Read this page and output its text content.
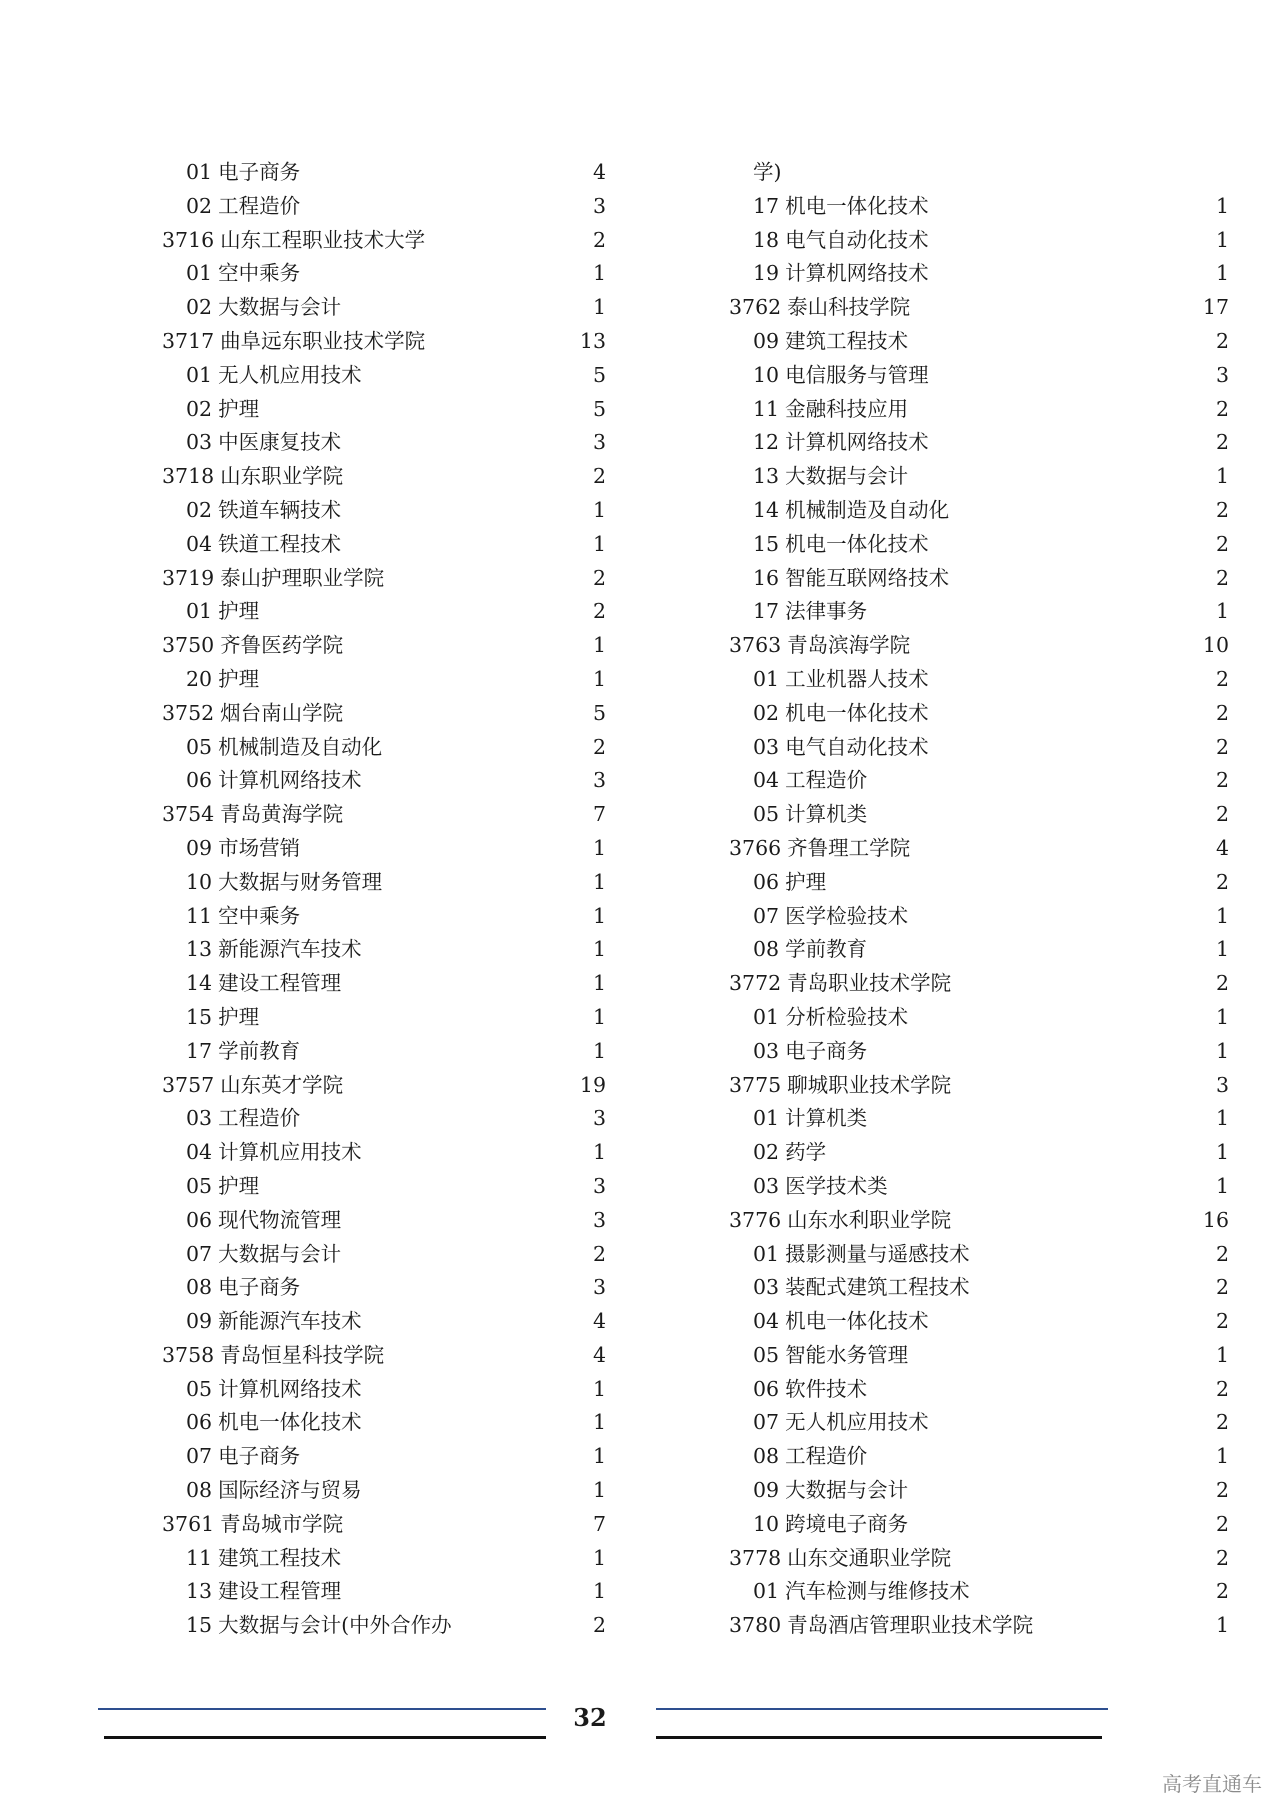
01 电子商务	4
02 工程造价	3
3716 山东工程职业技术大学	2
01 空中乘务	1
02 大数据与会计	1
3717 曲阜远东职业技术学院	13
01 无人机应用技术	5
02 护理	5
03 中医康复技术	3
3718 山东职业学院	2
02 铁道车辆技术	1
04 铁道工程技术	1
3719 泰山护理职业学院	2
01 护理	2
3750 齐鲁医药学院	1
20 护理	1
3752 烟台南山学院	5
05 机械制造及自动化	2
06 计算机网络技术	3
3754 青岛黄海学院	7
09 市场营销	1
10 大数据与财务管理	1
11 空中乘务	1
13 新能源汽车技术	1
14 建设工程管理	1
15 护理	1
17 学前教育	1
3757 山东英才学院	19
03 工程造价	3
04 计算机应用技术	1
05 护理	3
06 现代物流管理	3
07 大数据与会计	2
08 电子商务	3
09 新能源汽车技术	4
3758 青岛恒星科技学院	4
05 计算机网络技术	1
06 机电一体化技术	1
07 电子商务	1
08 国际经济与贸易	1
3761 青岛城市学院	7
11 建筑工程技术	1
13 建设工程管理	1
15 大数据与会计(中外合作办	2
学)
17 机电一体化技术	1
18 电气自动化技术	1
19 计算机网络技术	1
3762 泰山科技学院	17
09 建筑工程技术	2
10 电信服务与管理	3
11 金融科技应用	2
12 计算机网络技术	2
13 大数据与会计	1
14 机械制造及自动化	2
15 机电一体化技术	2
16 智能互联网络技术	2
17 法律事务	1
3763 青岛滨海学院	10
01 工业机器人技术	2
02 机电一体化技术	2
03 电气自动化技术	2
04 工程造价	2
05 计算机类	2
3766 齐鲁理工学院	4
06 护理	2
07 医学检验技术	1
08 学前教育	1
3772 青岛职业技术学院	2
01 分析检验技术	1
03 电子商务	1
3775 聊城职业技术学院	3
01 计算机类	1
02 药学	1
03 医学技术类	1
3776 山东水利职业学院	16
01 摄影测量与遥感技术	2
03 装配式建筑工程技术	2
04 机电一体化技术	2
05 智能水务管理	1
06 软件技术	2
07 无人机应用技术	2
08 工程造价	1
09 大数据与会计	2
10 跨境电子商务	2
3778 山东交通职业学院	2
01 汽车检测与维修技术	2
3780 青岛酒店管理职业技术学院	1
32
高考直通车
